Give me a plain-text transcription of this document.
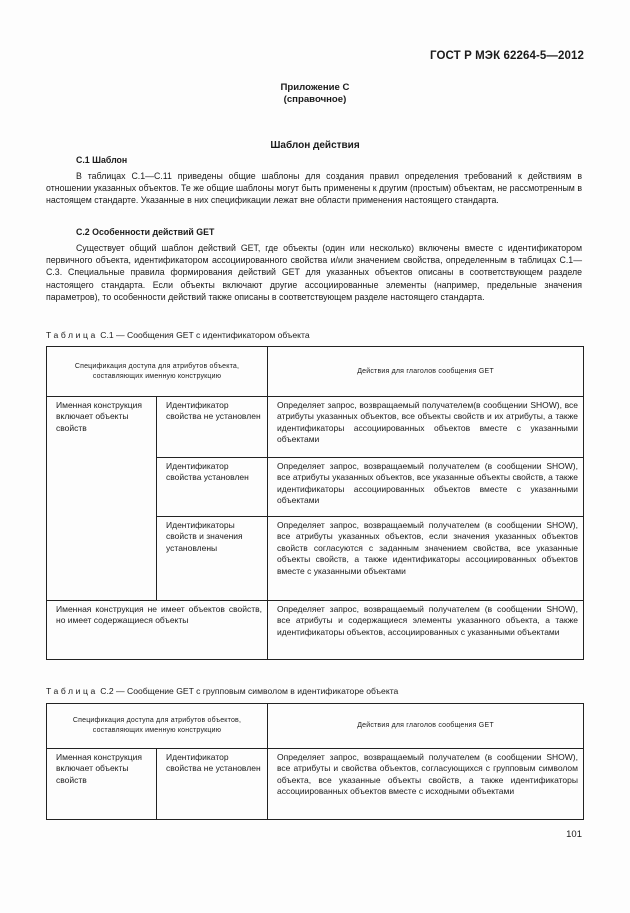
ГОСТ Р МЭК 62264-5—2012
Приложение С
(справочное)
Шаблон действия
С.1 Шаблон
В таблицах С.1—С.11 приведены общие шаблоны для создания правил определения требований к действиям в отношении указанных объектов. Те же общие шаблоны могут быть применены к другим (простым) объектам, не рассмотренным в настоящем стандарте. Указанные в них спецификации лежат вне области применения настоящего стандарта.
С.2 Особенности действий GET
Существует общий шаблон действий GET, где объекты (один или несколько) включены вместе с идентификатором первичного объекта, идентификатором ассоциированного свойства и/или значением свойства, определенным в таблицах С.1—С.3. Специальные правила формирования действий GET для указанных объектов описаны в соответствующем разделе настоящего стандарта. Если объекты включают другие ассоциированные элементы (например, предельные значения параметров), то особенности действий также описаны в соответствующем разделе настоящего стандарта.
Таблица С.1 — Сообщения GET с идентификатором объекта
Спецификация доступа для атрибутов объекта, составляющих именную конструкцию		Действия для глаголов сообщения GET
Именная конструкция включает объекты свойств	Идентификатор свойства не установлен	Определяет запрос, возвращаемый получателем(в сообщении SHOW), все атрибуты указанных объектов, все объекты свойств и их атрибуты, а также идентификаторы ассоциированных объектов вместе с указанными объектами
	Идентификатор свойства установлен	Определяет запрос, возвращаемый получателем (в сообщении SHOW), все атрибуты указанных объектов, все указанные объекты свойств, а также идентификаторы ассоциированных объектов вместе с указанными объектами
	Идентификаторы свойств и значения установлены	Определяет запрос, возвращаемый получателем (в сообщении SHOW), все атрибуты указанных объектов, если значения указанных объектов свойств согласуются с заданным значением свойства, все указанные объекты свойств, а также идентификаторы ассоциированных объектов вместе с указанными объектами
Именная конструкция не имеет объектов свойств, но имеет содержащиеся объекты		Определяет запрос, возвращаемый получателем (в сообщении SHOW), все атрибуты и содержащиеся элементы указанного объекта, а также идентификаторы объектов, ассоциированных с указанными объектами
Таблица С.2 — Сообщение GET с групповым символом в идентификаторе объекта
Спецификация доступа для атрибутов объектов, составляющих именную конструкцию		Действия для глаголов сообщения GET
Именная конструкция включает объекты свойств	Идентификатор свойства не установлен	Определяет запрос, возвращаемый получателем (в сообщении SHOW), все атрибуты и свойства объектов, согласующихся с групповым символом объекта, все указанные объекты свойств, а также идентификаторы ассоциированных объектов вместе с исходными объектами
101
